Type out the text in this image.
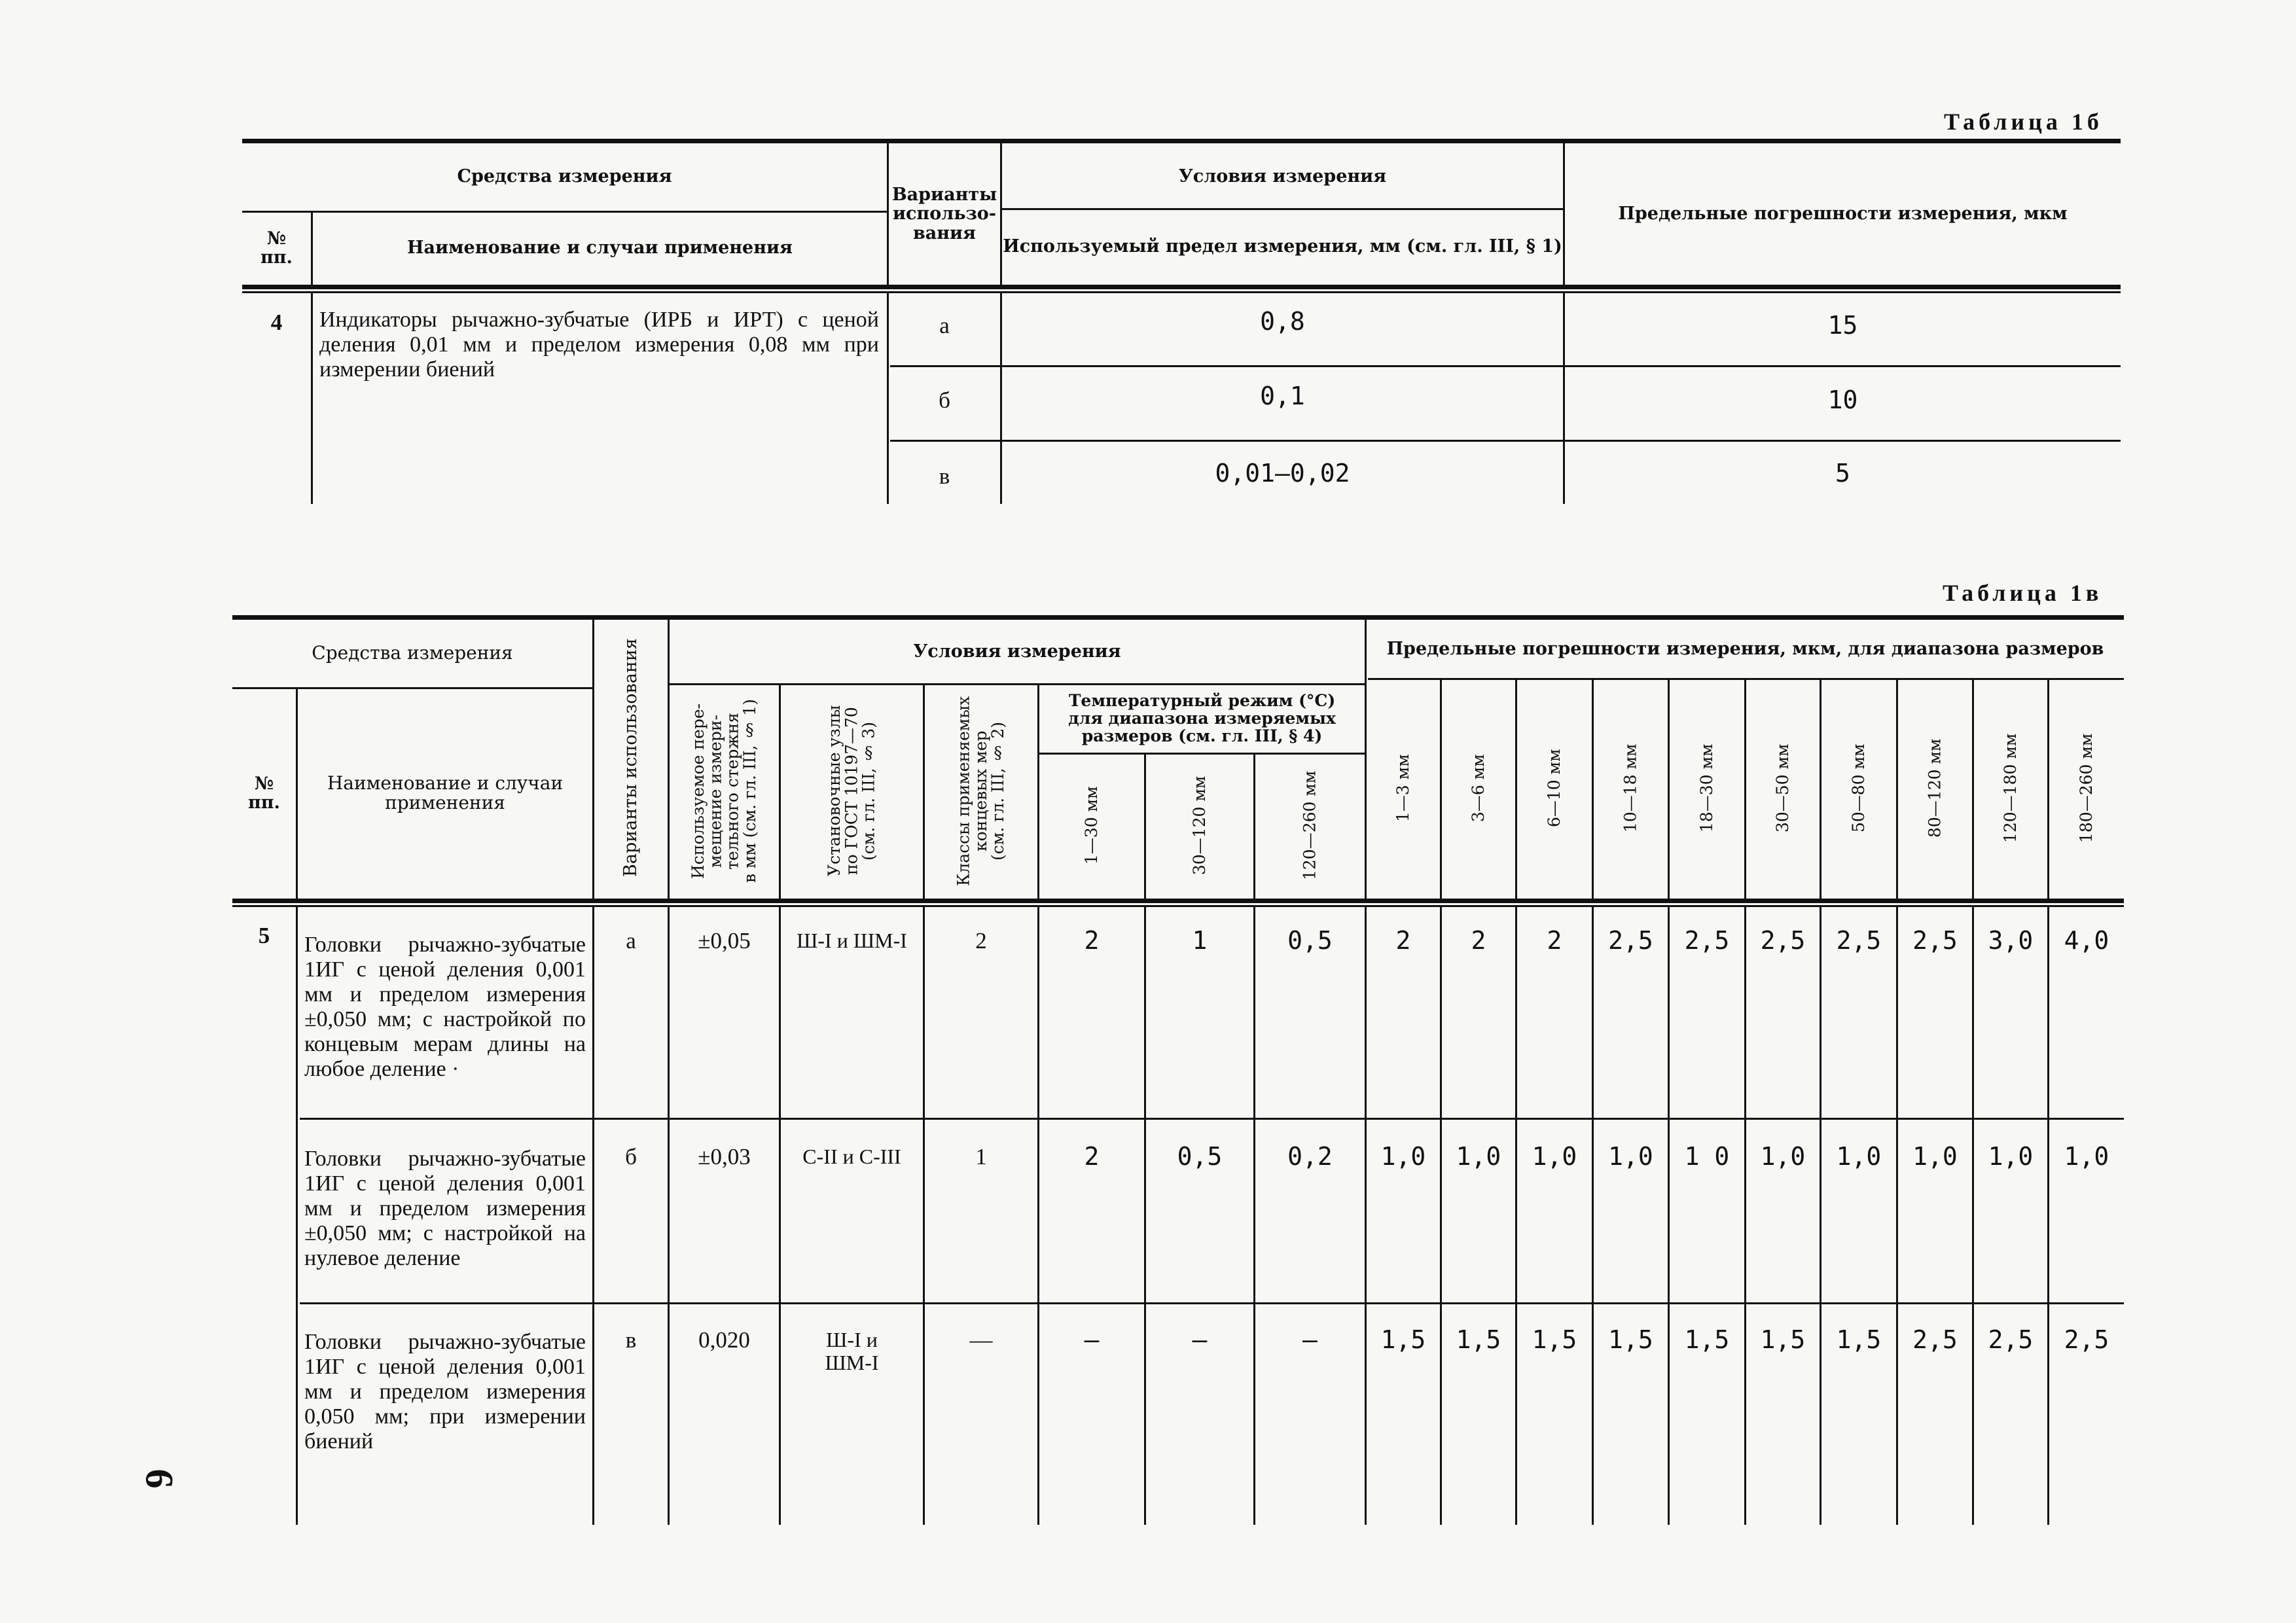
6
Таблица 1б
Средства измерения
№
пп.	Наименование и случаи применения
Варианты
использо-
вания
Условия измерения
Используемый предел измерения, мм (см. гл. III, § 1)
Предельные погрешности измерения, мкм
4	Индикаторы рычажно-зубчатые (ИРБ и ИРТ) с ценой деления 0,01 мм и пределом измерения 0,08 мм при измерении биений
а	0,8	15
б	0,1	10
в	0,01—0,02	5
Таблица 1в
Средства измерения
№
пп.
Наименование и случаи
применения	Варианты использования	Условия измерения
Используемое пере-
мещение измери-
тельного стержня
в мм (см. гл. III, § 1)
Установочные узлы
по ГОСТ 10197—70
(см. гл. III, § 3)
Классы применяемых
концевых мер
(см. гл. III, § 2)
Температурный режим (°С)
для диапазона измеряемых
размеров (см. гл. III, § 4)
1—30 мм	30—120 мм	120—260 мм
Предельные погрешности измерения, мкм, для диапазона размеров
1—3 мм	3—6 мм	6—10 мм	10—18 мм	18—30 мм	30—50 мм	50—80 мм	80—120 мм	120—180 мм	180—260 мм
5	Головки рычажно-зубчатые 1ИГ с ценой деления 0,001 мм и пределом измерения ±0,050 мм; с настройкой по концевым мерам длины на любое деление ·
а	±0,05	Ш-I и ШМ-I	2	2	1	0,5	2	2	2	2,5	2,5	2,5	2,5	2,5	3,0	4,0
Головки рычажно-зубчатые 1ИГ с ценой деления 0,001 мм и пределом измерения ±0,050 мм; с настройкой на нулевое деление
б	±0,03	С-II и С-III	1	2	0,5	0,2	1,0	1,0	1,0	1,0	1 0	1,0	1,0	1,0	1,0	1,0
Головки рычажно-зубчатые 1ИГ с ценой деления 0,001 мм и пределом измерения 0,050 мм; при измерении биений
в	0,020	Ш-I и
ШМ-I
—	—	—	—	1,5	1,5	1,5	1,5	1,5	1,5	1,5	2,5	2,5	2,5
